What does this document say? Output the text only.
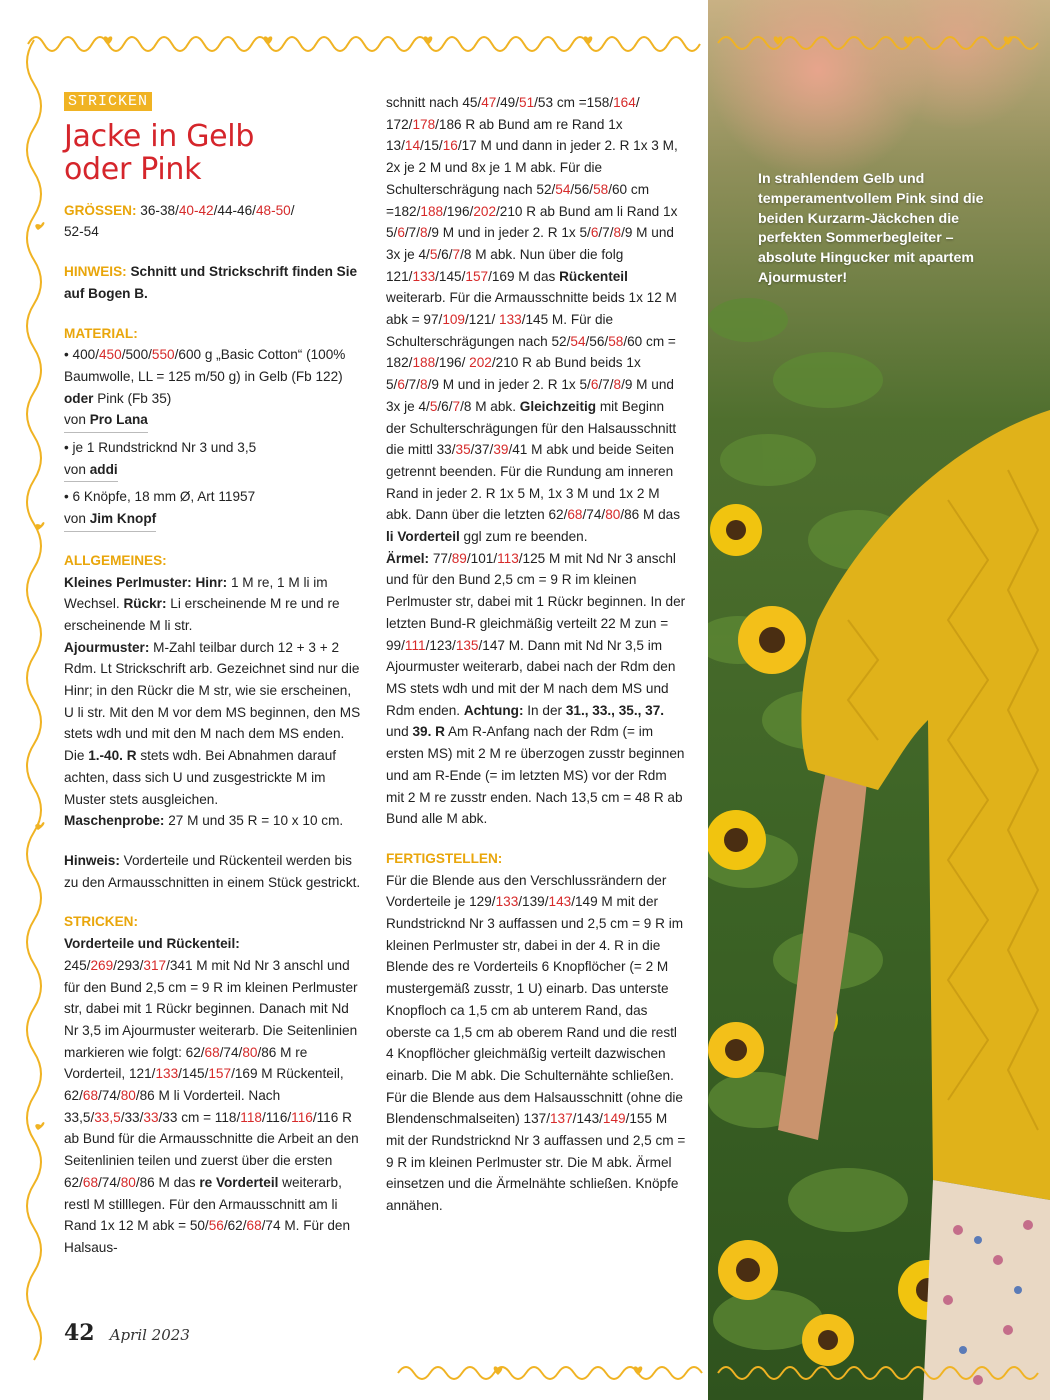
STRICKEN
Jacke in Gelb
oder Pink

GRÖSSEN: 36-38/40-42/44-46/48-50/
52-54

HINWEIS: Schnitt und Strickschrift finden Sie auf Bogen B.

MATERIAL:

• 400/450/500/550/600 g „Basic Cotton“ (100% Baumwolle, LL = 125 m/50 g) in Gelb (Fb 122) oder Pink (Fb 35)

von Pro Lana

• je 1 Rundstricknd Nr 3 und 3,5

von addi

• 6 Knöpfe, 18 mm Ø, Art 11957

von Jim Knopf

ALLGEMEINES:

Kleines Perlmuster: Hinr: 1 M re, 1 M li im Wechsel. Rückr: Li erscheinende M re und re erscheinende M li str.

Ajourmuster: M-Zahl teilbar durch 12 + 3 + 2 Rdm. Lt Strickschrift arb. Gezeichnet sind nur die Hinr; in den Rückr die M str, wie sie erscheinen, U li str. Mit den M vor dem MS beginnen, den MS stets wdh und mit den M nach dem MS enden. Die 1.-40. R stets wdh. Bei Abnahmen darauf achten, dass sich U und zusgestrickte M im Muster stets ausgleichen.

Maschenprobe: 27 M und 35 R = 10 x 10 cm.

Hinweis: Vorderteile und Rückenteil werden bis zu den Armausschnitten in einem Stück gestrickt.

STRICKEN:

Vorderteile und Rückenteil: 245/269/293/317/341 M mit Nd Nr 3 anschl und für den Bund 2,5 cm = 9 R im kleinen Perlmuster str, dabei mit 1 Rückr beginnen. Danach mit Nd Nr 3,5 im Ajourmuster weiterarb. Die Seitenlinien markieren wie folgt: 62/68/74/80/86 M re Vorderteil, 121/133/145/157/169 M Rückenteil, 62/68/74/80/86 M li Vorderteil. Nach 33,5/33,5/33/33/33 cm = 118/118/116/116/116 R ab Bund für die Armausschnitte die Arbeit an den Seitenlinien teilen und zuerst über die ersten 62/68/74/80/86 M das re Vorderteil weiterarb, restl M stilllegen. Für den Armausschnitt am li Rand 1x 12 M abk = 50/56/62/68/74 M. Für den Halsaus-

schnitt nach 45/47/49/51/53 cm =158/164/ 172/178/186 R ab Bund am re Rand 1x 13/14/15/16/17 M und dann in jeder 2. R 1x 3 M, 2x je 2 M und 8x je 1 M abk. Für die Schulterschrägung nach 52/54/56/58/60 cm =182/188/196/202/210 R ab Bund am li Rand 1x 5/6/7/8/9 M und in jeder 2. R 1x 5/6/7/8/9 M und 3x je 4/5/6/7/8 M abk. Nun über die folg 121/133/145/157/169 M das Rückenteil weiterarb. Für die Armausschnitte beids 1x 12 M abk = 97/109/121/ 133/145 M. Für die Schulterschrägungen nach 52/54/56/58/60 cm = 182/188/196/ 202/210 R ab Bund beids 1x 5/6/7/8/9 M und in jeder 2. R 1x 5/6/7/8/9 M und 3x je 4/5/6/7/8 M abk. Gleichzeitig mit Beginn der Schulterschrägungen für den Halsausschnitt die mittl 33/35/37/39/41 M abk und beide Seiten getrennt beenden. Für die Rundung am inneren Rand in jeder 2. R 1x 5 M, 1x 3 M und 1x 2 M abk. Dann über die letzten 62/68/74/80/86 M das li Vorderteil ggl zum re beenden.

Ärmel: 77/89/101/113/125 M mit Nd Nr 3 anschl und für den Bund 2,5 cm = 9 R im kleinen Perlmuster str, dabei mit 1 Rückr beginnen. In der letzten Bund-R gleichmäßig verteilt 22 M zun = 99/111/123/135/147 M. Dann mit Nd Nr 3,5 im Ajourmuster weiterarb, dabei nach der Rdm den MS stets wdh und mit der M nach dem MS und Rdm enden. Achtung: In der 31., 33., 35., 37. und 39. R Am R-Anfang nach der Rdm (= im ersten MS) mit 2 M re überzogen zusstr beginnen und am R-Ende (= im letzten MS) vor der Rdm mit 2 M re zusstr enden. Nach 13,5 cm = 48 R ab Bund alle M abk.

FERTIGSTELLEN:

Für die Blende aus den Verschlussrändern der Vorderteile je 129/133/139/143/149 M mit der Rundstricknd Nr 3 auffassen und 2,5 cm = 9 R im kleinen Perlmuster str, dabei in der 4. R in die Blende des re Vorderteils 6 Knopflöcher (= 2 M mustergemäß zusstr, 1 U) einarb. Das unterste Knopfloch ca 1,5 cm ab unterem Rand, das oberste ca 1,5 cm ab oberem Rand und die restl 4 Knopflöcher gleichmäßig verteilt dazwischen einarb. Die M abk. Die Schulternähte schließen. Für die Blende aus dem Halsausschnitt (ohne die Blendenschmalseiten) 137/137/143/149/155 M mit der Rundstricknd Nr 3 auffassen und 2,5 cm = 9 R im kleinen Perlmuster str. Die M abk. Ärmel einsetzen und die Ärmelnähte schließen. Knöpfe annähen.

In strahlendem Gelb und temperamentvollem Pink sind die beiden Kurzarm-Jäckchen die perfekten Sommerbegleiter – absolute Hingucker mit apartem Ajourmuster!
42 April 2023
